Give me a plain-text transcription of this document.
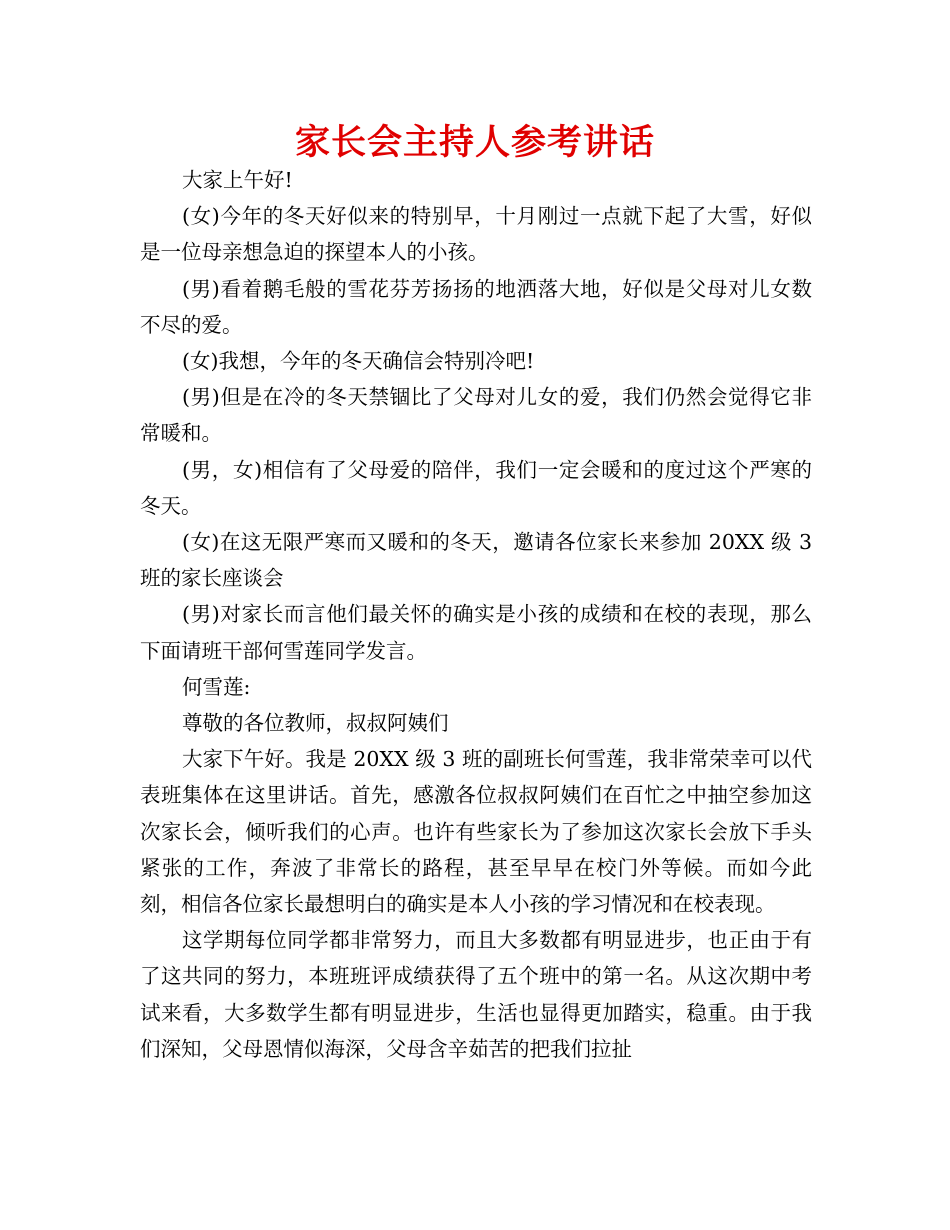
家长会主持人参考讲话

大家上午好!

(女)今年的冬天好似来的特别早，十月刚过一点就下起了大雪，好似是一位母亲想急迫的探望本人的小孩。

(男)看着鹅毛般的雪花芬芳扬扬的地洒落大地，好似是父母对儿女数不尽的爱。

(女)我想，今年的冬天确信会特别冷吧!

(男)但是在冷的冬天禁锢比了父母对儿女的爱，我们仍然会觉得它非常暖和。

(男，女)相信有了父母爱的陪伴，我们一定会暖和的度过这个严寒的冬天。

(女)在这无限严寒而又暖和的冬天，邀请各位家长来参加 20XX 级 3 班的家长座谈会

(男)对家长而言他们最关怀的确实是小孩的成绩和在校的表现，那么下面请班干部何雪莲同学发言。

何雪莲:

尊敬的各位教师，叔叔阿姨们

大家下午好。我是 20XX 级 3 班的副班长何雪莲，我非常荣幸可以代表班集体在这里讲话。首先，感激各位叔叔阿姨们在百忙之中抽空参加这次家长会，倾听我们的心声。也许有些家长为了参加这次家长会放下手头紧张的工作，奔波了非常长的路程，甚至早早在校门外等候。而如今此刻，相信各位家长最想明白的确实是本人小孩的学习情况和在校表现。

这学期每位同学都非常努力，而且大多数都有明显进步，也正由于有了这共同的努力，本班班评成绩获得了五个班中的第一名。从这次期中考试来看，大多数学生都有明显进步，生活也显得更加踏实，稳重。由于我们深知，父母恩情似海深，父母含辛茹苦的把我们拉扯
